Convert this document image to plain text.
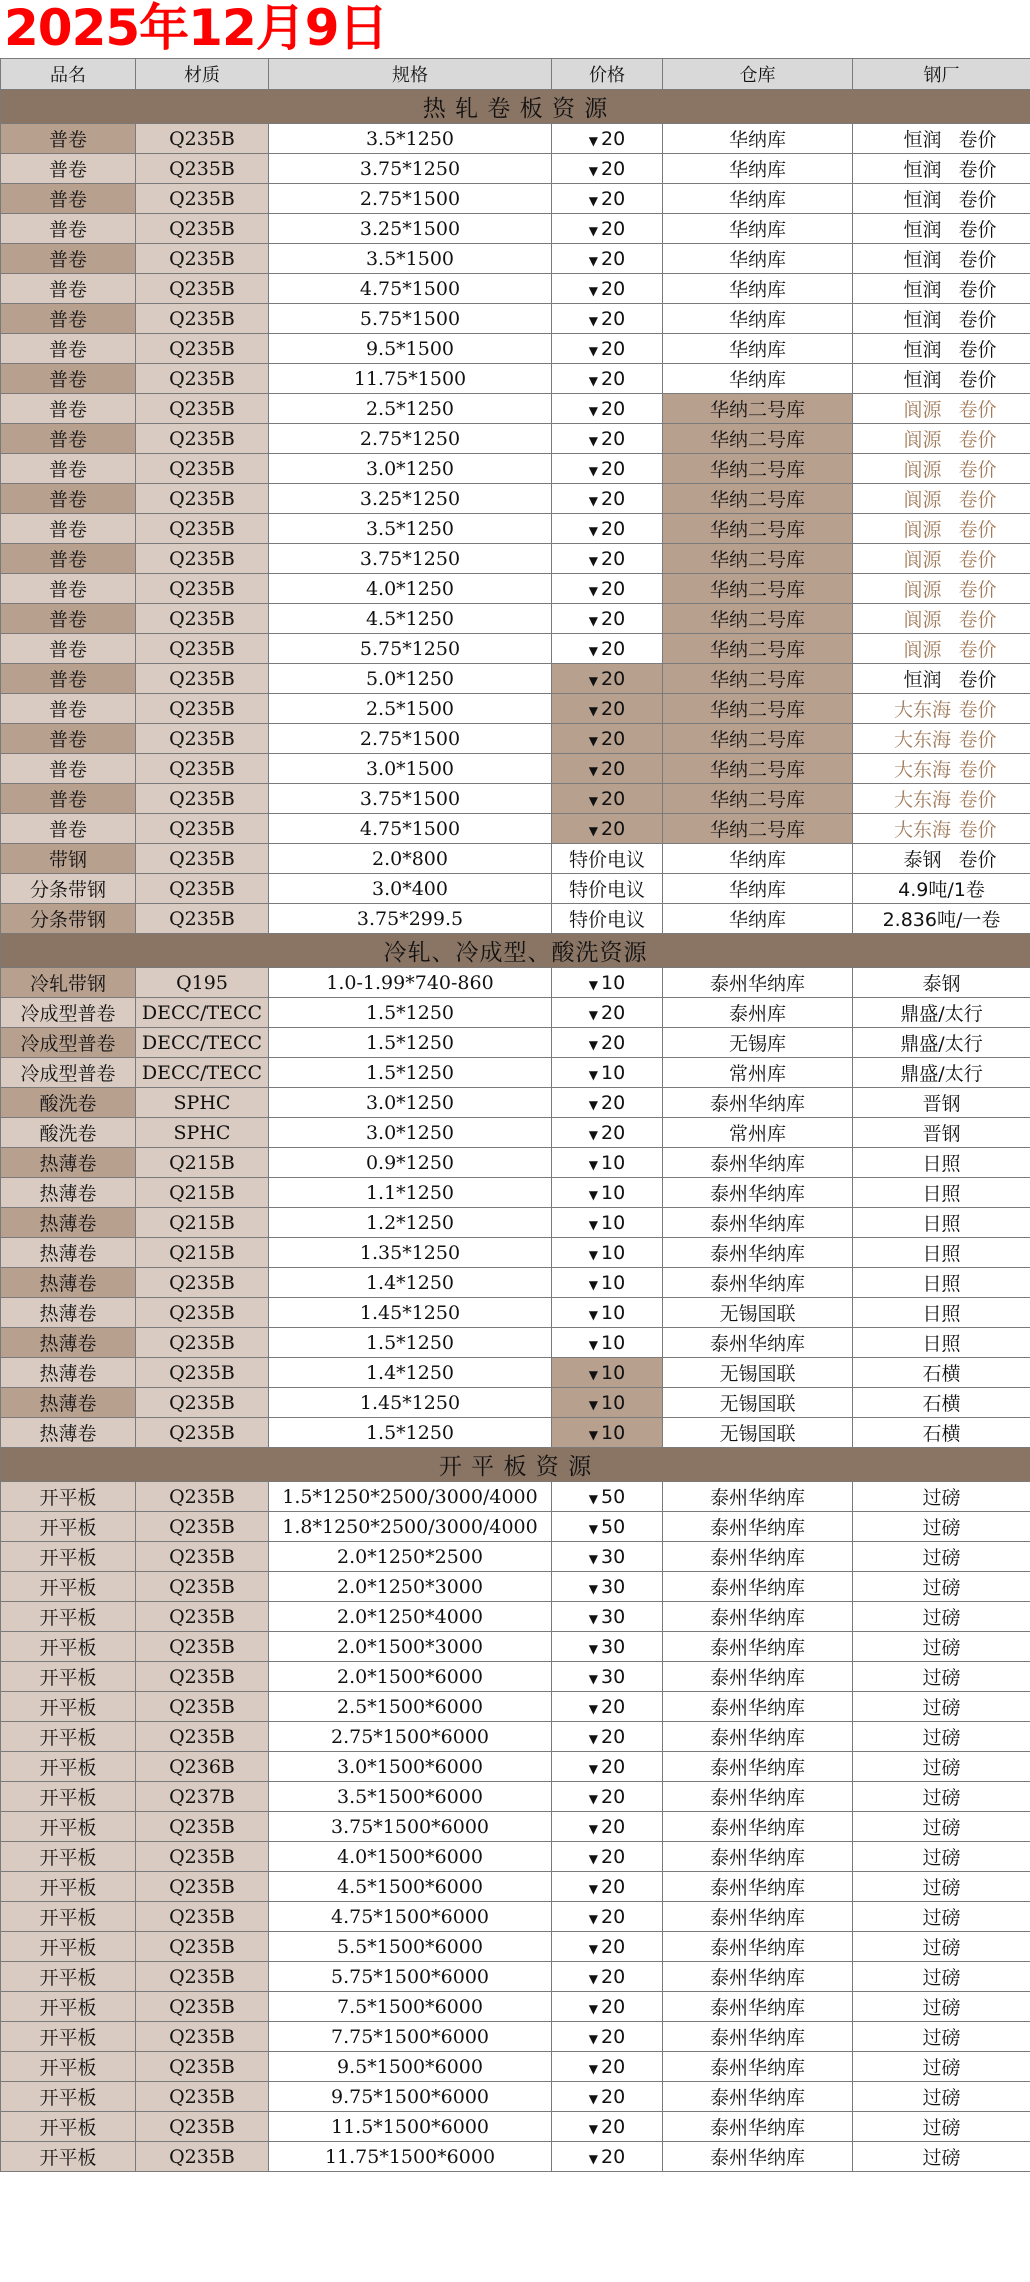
2025年12月9日
品名	材质	规格	价格	仓库	钢厂
热 轧 卷 板 资 源					
普卷	Q235B	3.5*1250	▼ 20	华纳库	恒润 卷价
普卷	Q235B	3.75*1250	▼ 20	华纳库	恒润 卷价
普卷	Q235B	2.75*1500	▼ 20	华纳库	恒润 卷价
普卷	Q235B	3.25*1500	▼ 20	华纳库	恒润 卷价
普卷	Q235B	3.5*1500	▼ 20	华纳库	恒润 卷价
普卷	Q235B	4.75*1500	▼ 20	华纳库	恒润 卷价
普卷	Q235B	5.75*1500	▼ 20	华纳库	恒润 卷价
普卷	Q235B	9.5*1500	▼ 20	华纳库	恒润 卷价
普卷	Q235B	11.75*1500	▼ 20	华纳库	恒润 卷价
普卷	Q235B	2.5*1250	▼ 20	华纳二号库	阆源 卷价
普卷	Q235B	2.75*1250	▼ 20	华纳二号库	阆源 卷价
普卷	Q235B	3.0*1250	▼ 20	华纳二号库	阆源 卷价
普卷	Q235B	3.25*1250	▼ 20	华纳二号库	阆源 卷价
普卷	Q235B	3.5*1250	▼ 20	华纳二号库	阆源 卷价
普卷	Q235B	3.75*1250	▼ 20	华纳二号库	阆源 卷价
普卷	Q235B	4.0*1250	▼ 20	华纳二号库	阆源 卷价
普卷	Q235B	4.5*1250	▼ 20	华纳二号库	阆源 卷价
普卷	Q235B	5.75*1250	▼ 20	华纳二号库	阆源 卷价
普卷	Q235B	5.0*1250	▼ 20	华纳二号库	恒润 卷价
普卷	Q235B	2.5*1500	▼ 20	华纳二号库	大东海 卷价
普卷	Q235B	2.75*1500	▼ 20	华纳二号库	大东海 卷价
普卷	Q235B	3.0*1500	▼ 20	华纳二号库	大东海 卷价
普卷	Q235B	3.75*1500	▼ 20	华纳二号库	大东海 卷价
普卷	Q235B	4.75*1500	▼ 20	华纳二号库	大东海 卷价
带钢	Q235B	2.0*800	特价电议	华纳库	泰钢 卷价
分条带钢	Q235B	3.0*400	特价电议	华纳库	4.9吨/1卷
分条带钢	Q235B	3.75*299.5	特价电议	华纳库	2.836吨/一卷
冷轧、冷成型、酸洗资源					
冷轧带钢	Q195	1.0-1.99*740-860	▼ 10	泰州华纳库	泰钢
冷成型普卷	DECC/TECC	1.5*1250	▼ 20	泰州库	鼎盛/太行
冷成型普卷	DECC/TECC	1.5*1250	▼ 20	无锡库	鼎盛/太行
冷成型普卷	DECC/TECC	1.5*1250	▼ 10	常州库	鼎盛/太行
酸洗卷	SPHC	3.0*1250	▼ 20	泰州华纳库	晋钢
酸洗卷	SPHC	3.0*1250	▼ 20	常州库	晋钢
热薄卷	Q215B	0.9*1250	▼ 10	泰州华纳库	日照
热薄卷	Q215B	1.1*1250	▼ 10	泰州华纳库	日照
热薄卷	Q215B	1.2*1250	▼ 10	泰州华纳库	日照
热薄卷	Q215B	1.35*1250	▼ 10	泰州华纳库	日照
热薄卷	Q235B	1.4*1250	▼ 10	泰州华纳库	日照
热薄卷	Q235B	1.45*1250	▼ 10	无锡国联	日照
热薄卷	Q235B	1.5*1250	▼ 10	泰州华纳库	日照
热薄卷	Q235B	1.4*1250	▼ 10	无锡国联	石横
热薄卷	Q235B	1.45*1250	▼ 10	无锡国联	石横
热薄卷	Q235B	1.5*1250	▼ 10	无锡国联	石横
开 平 板 资 源					
开平板	Q235B	1.5*1250*2500/3000/4000	▼ 50	泰州华纳库	过磅
开平板	Q235B	1.8*1250*2500/3000/4000	▼ 50	泰州华纳库	过磅
开平板	Q235B	2.0*1250*2500	▼ 30	泰州华纳库	过磅
开平板	Q235B	2.0*1250*3000	▼ 30	泰州华纳库	过磅
开平板	Q235B	2.0*1250*4000	▼ 30	泰州华纳库	过磅
开平板	Q235B	2.0*1500*3000	▼ 30	泰州华纳库	过磅
开平板	Q235B	2.0*1500*6000	▼ 30	泰州华纳库	过磅
开平板	Q235B	2.5*1500*6000	▼ 20	泰州华纳库	过磅
开平板	Q235B	2.75*1500*6000	▼ 20	泰州华纳库	过磅
开平板	Q236B	3.0*1500*6000	▼ 20	泰州华纳库	过磅
开平板	Q237B	3.5*1500*6000	▼ 20	泰州华纳库	过磅
开平板	Q235B	3.75*1500*6000	▼ 20	泰州华纳库	过磅
开平板	Q235B	4.0*1500*6000	▼ 20	泰州华纳库	过磅
开平板	Q235B	4.5*1500*6000	▼ 20	泰州华纳库	过磅
开平板	Q235B	4.75*1500*6000	▼ 20	泰州华纳库	过磅
开平板	Q235B	5.5*1500*6000	▼ 20	泰州华纳库	过磅
开平板	Q235B	5.75*1500*6000	▼ 20	泰州华纳库	过磅
开平板	Q235B	7.5*1500*6000	▼ 20	泰州华纳库	过磅
开平板	Q235B	7.75*1500*6000	▼ 20	泰州华纳库	过磅
开平板	Q235B	9.5*1500*6000	▼ 20	泰州华纳库	过磅
开平板	Q235B	9.75*1500*6000	▼ 20	泰州华纳库	过磅
开平板	Q235B	11.5*1500*6000	▼ 20	泰州华纳库	过磅
开平板	Q235B	11.75*1500*6000	▼ 20	泰州华纳库	过磅
